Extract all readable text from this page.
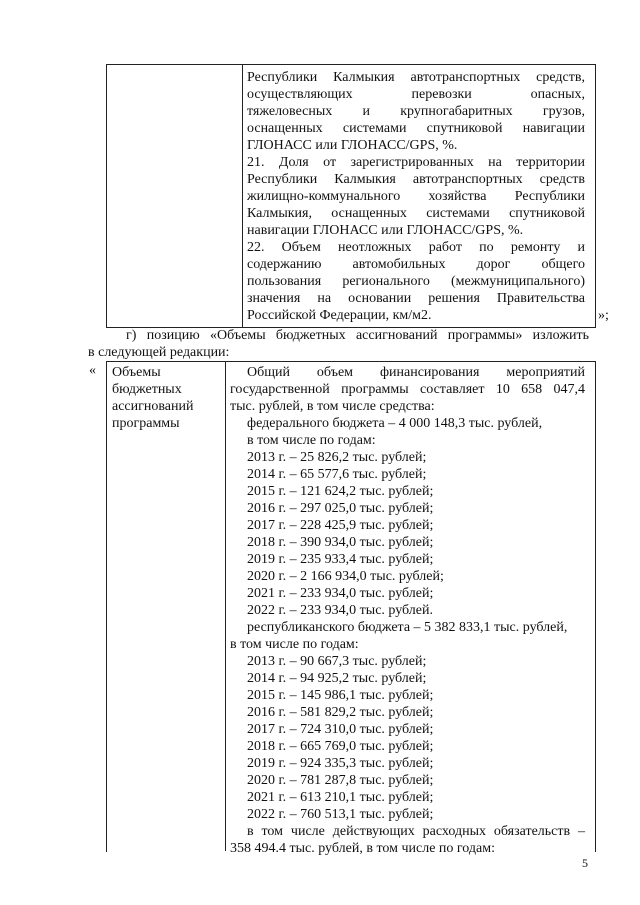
Республики Калмыкия автотранспортных средств,
осуществляющих перевозки опасных,
тяжеловесных и крупногабаритных грузов,
оснащенных системами спутниковой навигации
ГЛОНАСС или ГЛОНАСС/GPS, %.
21. Доля от зарегистрированных на территории
Республики Калмыкия автотранспортных средств
жилищно-коммунального хозяйства Республики
Калмыкия, оснащенных системами спутниковой
навигации ГЛОНАСС или ГЛОНАСС/GPS, %.
22. Объем неотложных работ по ремонту и
содержанию автомобильных дорог общего
пользования регионального (межмуниципального)
значения на основании решения Правительства
Российской Федерации, км/м2.	»;
г) позицию «Объемы бюджетных ассигнований программы» изложить
в следующей редакции:
« Объемы
бюджетных
ассигнований
программы
Общий объем финансирования мероприятий
государственной программы составляет 10 658 047,4
тыс. рублей, в том числе средства:
федерального бюджета – 4 000 148,3 тыс. рублей,
в том числе по годам:
2013 г. – 25 826,2 тыс. рублей;
2014 г. – 65 577,6 тыс. рублей;
2015 г. – 121 624,2 тыс. рублей;
2016 г. – 297 025,0 тыс. рублей;
2017 г. – 228 425,9 тыс. рублей;
2018 г. – 390 934,0 тыс. рублей;
2019 г. – 235 933,4 тыс. рублей;
2020 г. – 2 166 934,0 тыс. рублей;
2021 г. – 233 934,0 тыс. рублей;
2022 г. – 233 934,0 тыс. рублей.
республиканского бюджета – 5 382 833,1 тыс. рублей,
в том числе по годам:
2013 г. – 90 667,3 тыс. рублей;
2014 г. – 94 925,2 тыс. рублей;
2015 г. – 145 986,1 тыс. рублей;
2016 г. – 581 829,2 тыс. рублей;
2017 г. – 724 310,0 тыс. рублей;
2018 г. – 665 769,0 тыс. рублей;
2019 г. – 924 335,3 тыс. рублей;
2020 г. – 781 287,8 тыс. рублей;
2021 г. – 613 210,1 тыс. рублей;
2022 г. – 760 513,1 тыс. рублей;
в том числе действующих расходных обязательств –
358 494.4 тыс. рублей, в том числе по годам:
5
